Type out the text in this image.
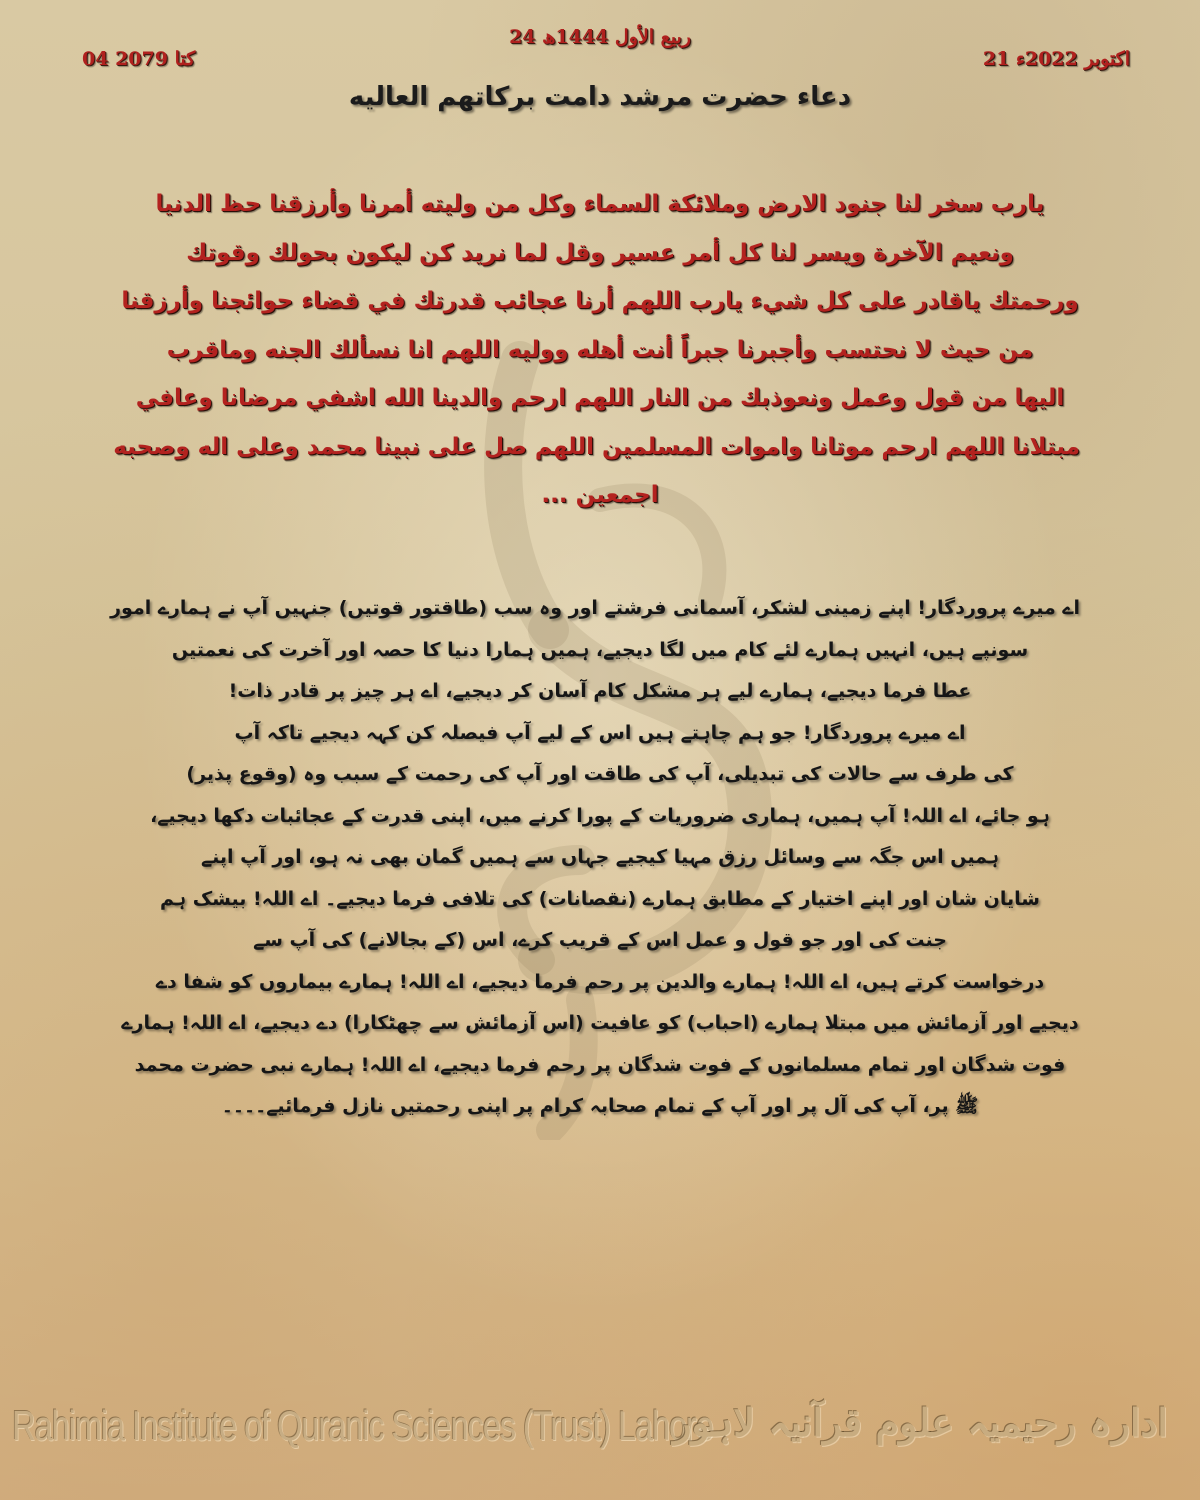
24 ربیع الأول 1444ھ
21 اکتوبر 2022ء
04 کتا 2079
دعاء حضرت مرشد دامت برکاتهم العالیه
يارب سخر لنا جنود الارض وملائكة السماء وكل من وليته أمرنا وأرزقنا حظ الدنيا
ونعيم الآخرة ويسر لنا كل أمر عسير وقل لما نريد كن ليكون بحولك وقوتك
ورحمتك ياقادر على كل شيء يارب اللهم أرنا عجائب قدرتك في قضاء حوائجنا وأرزقنا
من حيث لا نحتسب وأجبرنا جبراً أنت أهله ووليه اللهم انا نسألك الجنه وماقرب
اليها من قول وعمل ونعوذبك من النار اللهم ارحم والدينا الله اشفي مرضانا وعافي
مبتلانا اللهم ارحم موتانا واموات المسلمين اللهم صل على نبينا محمد وعلى اله وصحبه
اجمعين ...
اے میرے پروردگار! اپنے زمینی لشکر، آسمانی فرشتے اور وہ سب (طاقتور قوتیں) جنہیں آپ نے ہمارے امور
سونپے ہیں، انہیں ہمارے لئے کام میں لگا دیجیے، ہمیں ہمارا دنیا کا حصہ اور آخرت کی نعمتیں
عطا فرما دیجیے، ہمارے لیے ہر مشکل کام آسان کر دیجیے، اے ہر چیز پر قادر ذات!
اے میرے پروردگار! جو ہم چاہتے ہیں اس کے لیے آپ فیصلہ کن کہہ دیجیے تاکہ آپ
کی طرف سے حالات کی تبدیلی، آپ کی طاقت اور آپ کی رحمت کے سبب وہ (وقوع پذیر)
ہو جائے، اے اللہ! آپ ہمیں، ہماری ضروریات کے پورا کرنے میں، اپنی قدرت کے عجائبات دکھا دیجیے،
ہمیں اس جگہ سے وسائل رزق مہیا کیجیے جہاں سے ہمیں گمان بھی نہ ہو، اور آپ اپنے
شایان شان اور اپنے اختیار کے مطابق ہمارے (نقصانات) کی تلافی فرما دیجیے۔ اے اللہ! بیشک ہم
جنت کی اور جو قول و عمل اس کے قریب کرے، اس (کے بجالانے) کی آپ سے
درخواست کرتے ہیں، اے اللہ! ہمارے والدین پر رحم فرما دیجیے، اے اللہ! ہمارے بیماروں کو شفا دے
دیجیے اور آزمائش میں مبتلا ہمارے (احباب) کو عافیت (اس آزمائش سے چھٹکارا) دے دیجیے، اے اللہ! ہمارے
فوت شدگان اور تمام مسلمانوں کے فوت شدگان پر رحم فرما دیجیے، اے اللہ! ہمارے نبی حضرت محمد
ﷺ پر، آپ کی آل پر اور آپ کے تمام صحابہ کرام پر اپنی رحمتیں نازل فرمائیے۔۔۔۔
Rahimia Institute of Quranic Sciences (Trust) Lahore
ادارہ رحیمیہ علوم قرآنیہ لاہور
